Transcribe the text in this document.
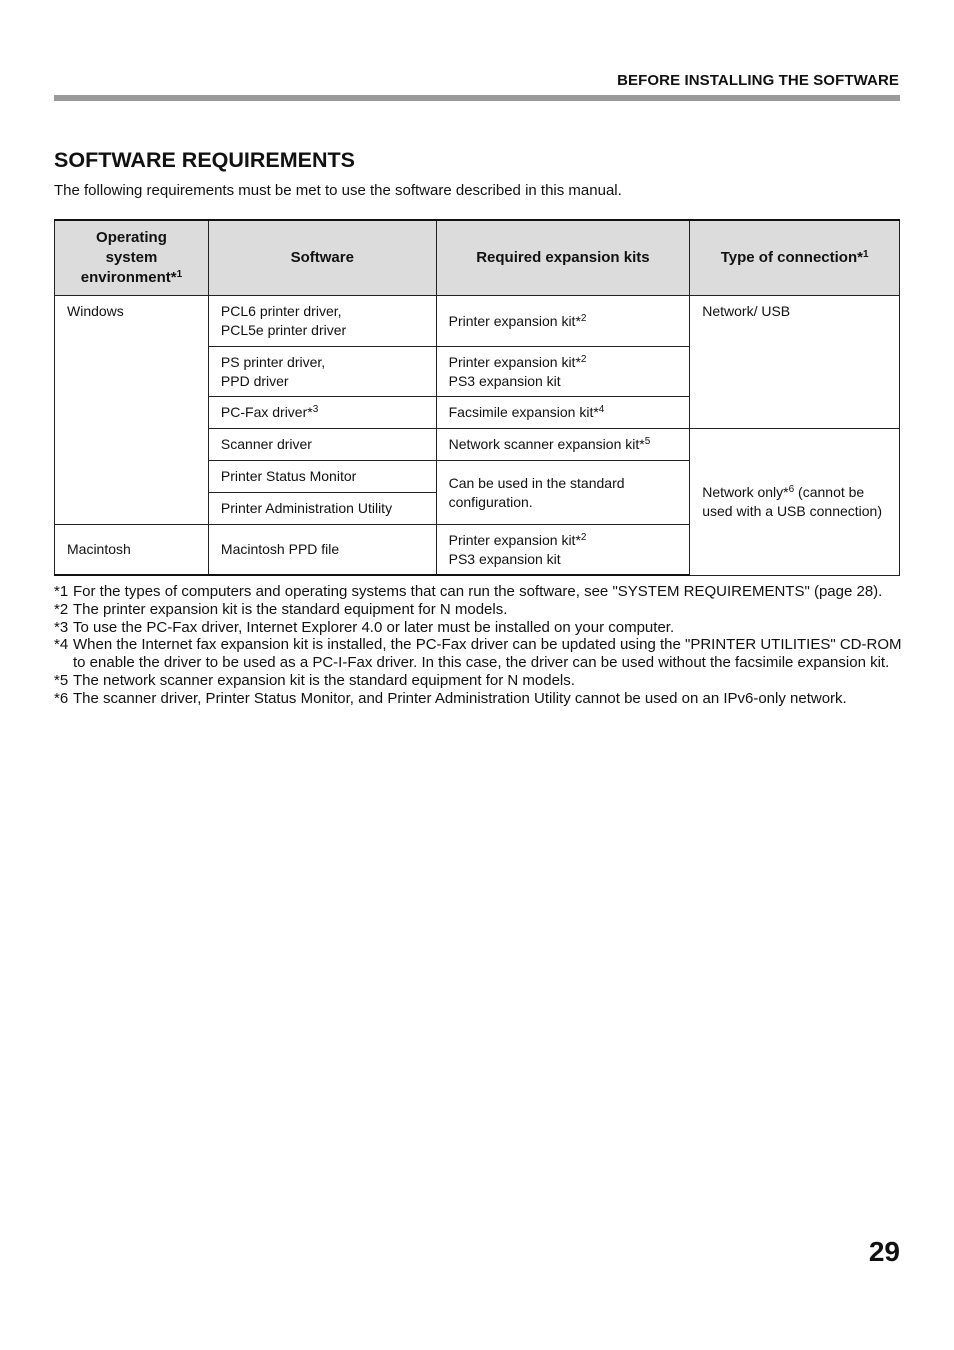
BEFORE INSTALLING THE SOFTWARE
SOFTWARE REQUIREMENTS

The following requirements must be met to use the software described in this manual.

Operating
system
environment*$^1$	Software	Required expansion kits	Type of connection*$^1$
Windows	PCL6 printer driver,
PCL5e printer driver	Printer expansion kit*$^2$	Network/ USB
	PS printer driver,
PPD driver	Printer expansion kit*$^2$
PS3 expansion kit	
	PC-Fax driver*$^3$	Facsimile expansion kit*$^4$
	Scanner driver	Network scanner expansion kit*$^5$	Network only*$^6$ (cannot be
used with a USB connection)
	Printer Status Monitor	Can be used in the standard
configuration.	
	Printer Administration Utility		
Macintosh	Macintosh PPD file	Printer expansion kit*$^2$
PS3 expansion kit	
*1 For the types of computers and operating systems that can run the software, see "SYSTEM REQUIREMENTS" (page 28).
*2 The printer expansion kit is the standard equipment for N models.
*3 To use the PC-Fax driver, Internet Explorer 4.0 or later must be installed on your computer.
*4 When the Internet fax expansion kit is installed, the PC-Fax driver can be updated using the "PRINTER UTILITIES" CD-ROM to enable the driver to be used as a PC-I-Fax driver. In this case, the driver can be used without the facsimile expansion kit.
*5 The network scanner expansion kit is the standard equipment for N models.
*6 The scanner driver, Printer Status Monitor, and Printer Administration Utility cannot be used on an IPv6-only network.
29
